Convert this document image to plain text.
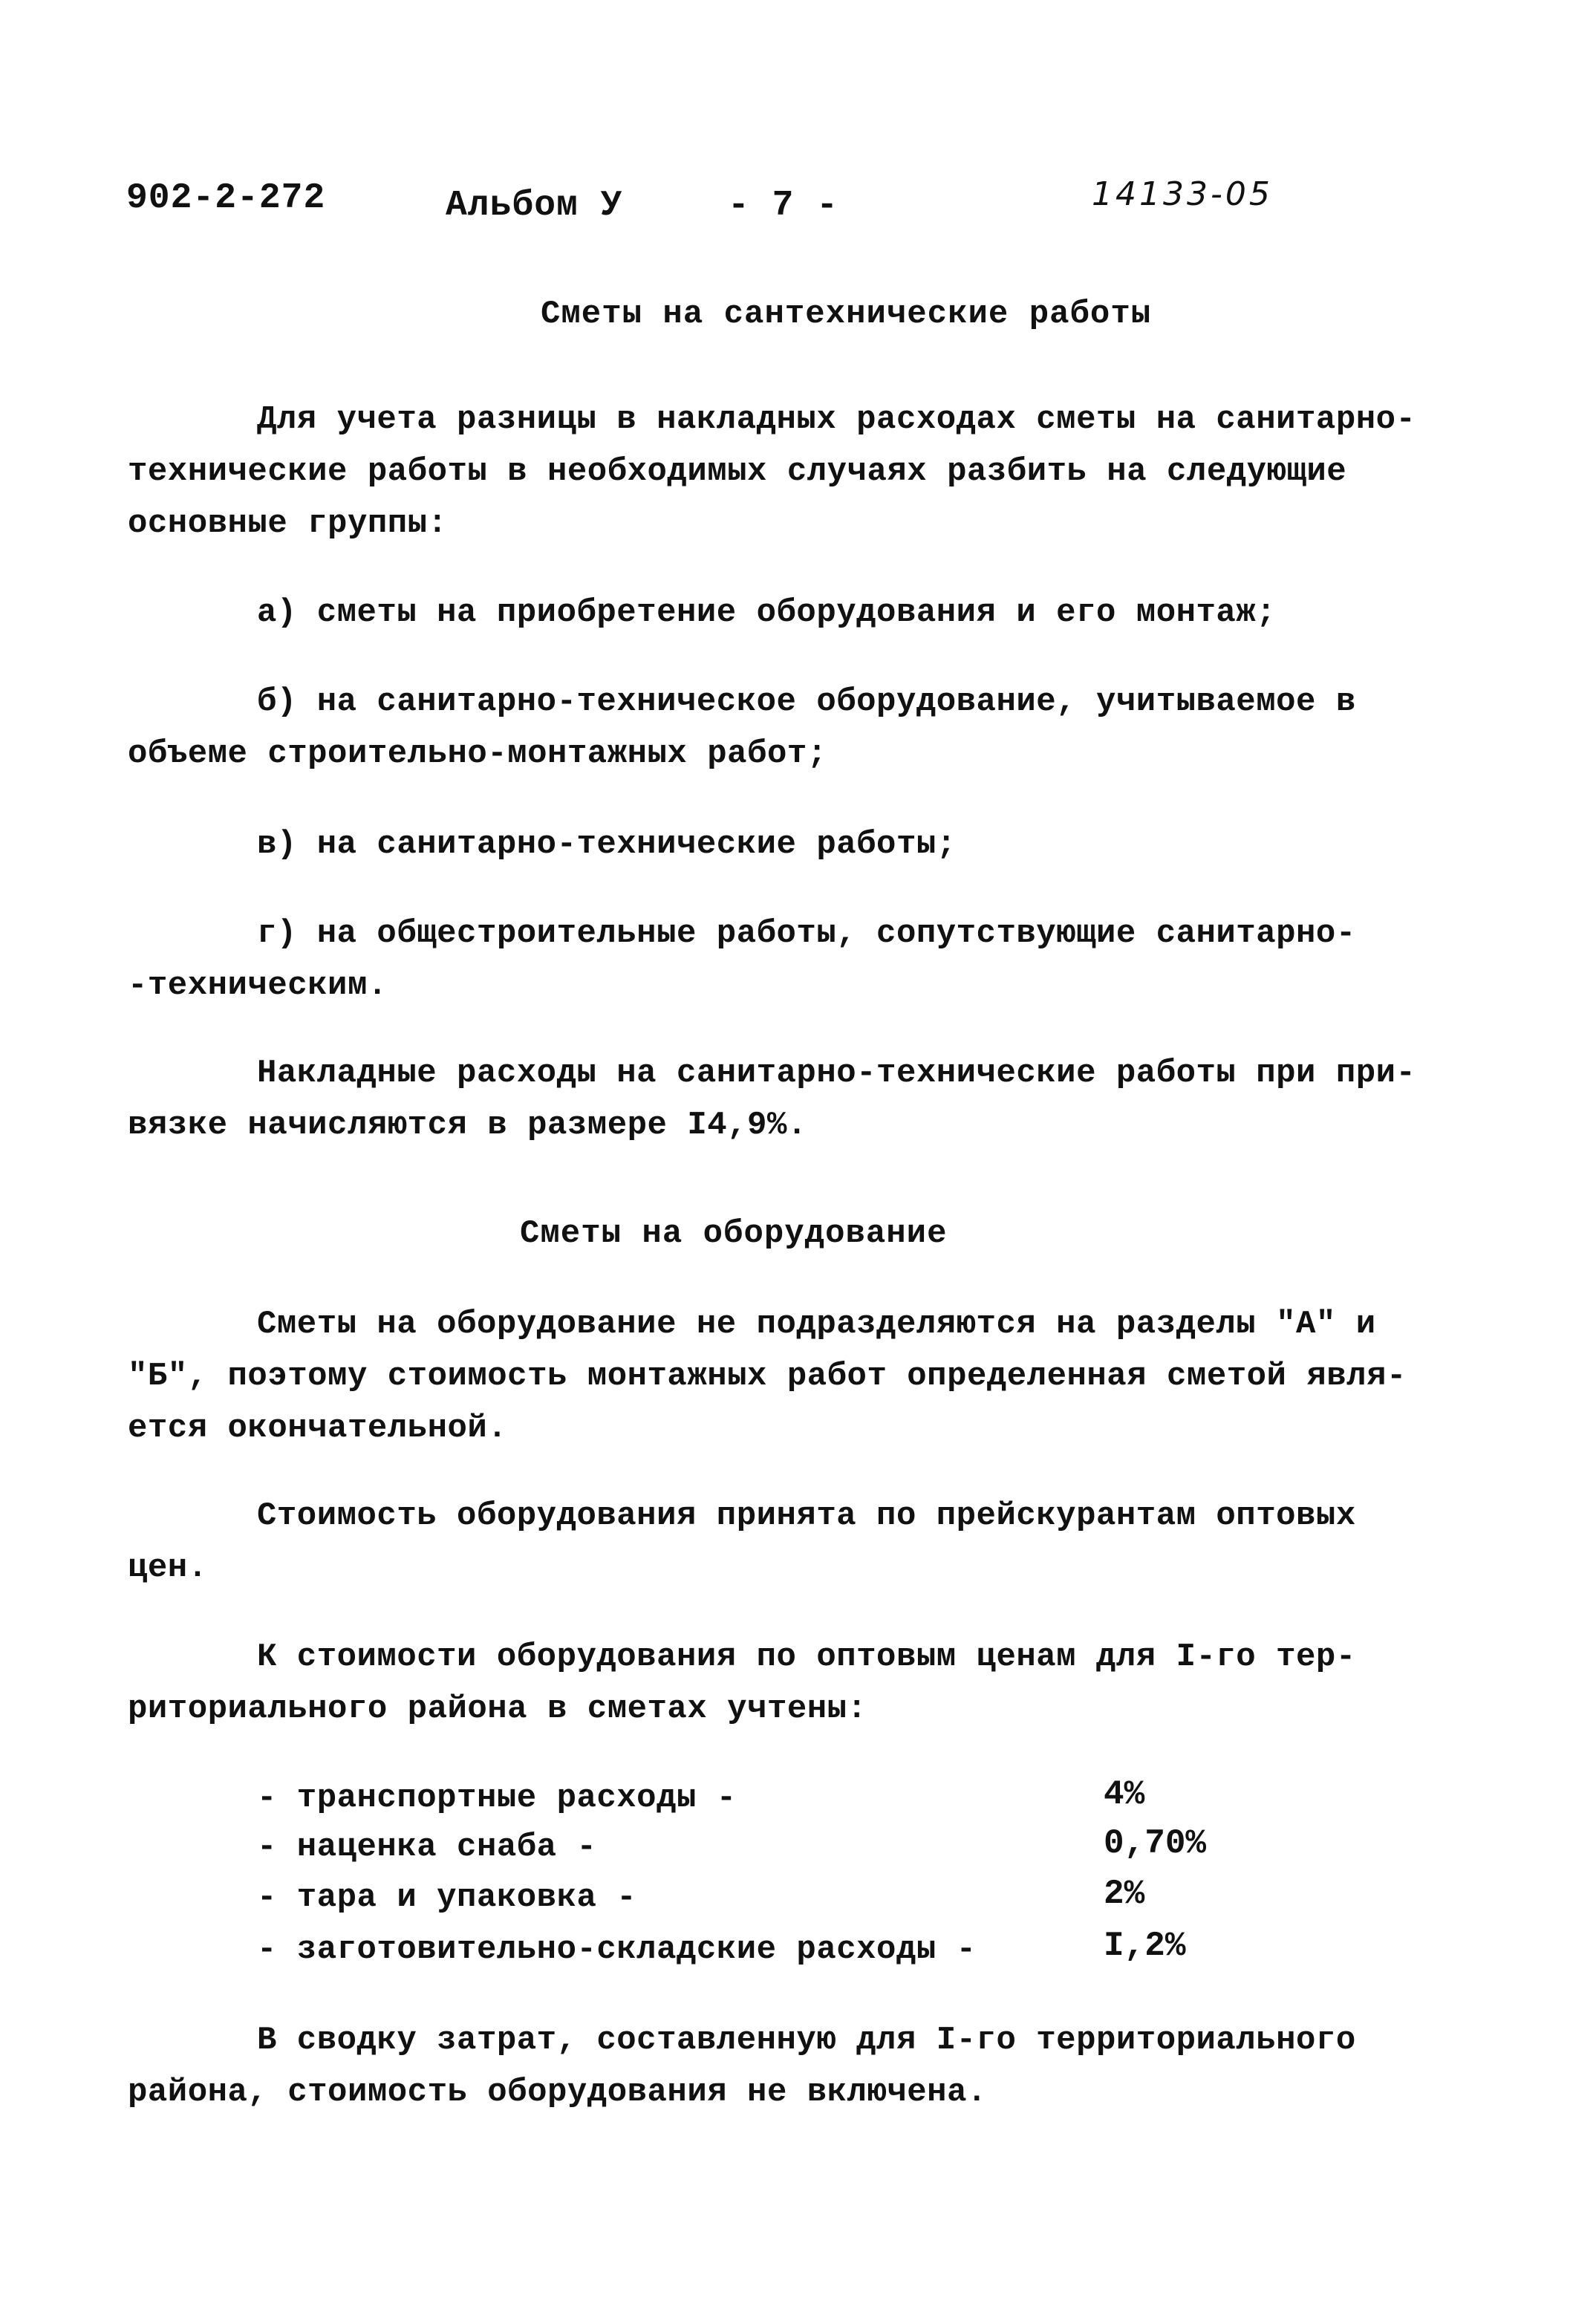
902-2-272	Альбом У	- 7 -	14133-05
Сметы на сантехнические работы
Для учета разницы в накладных расходах сметы на санитарно-
технические работы в необходимых случаях разбить на следующие
основные группы:
а) сметы на приобретение оборудования и его монтаж;
б) на санитарно-техническое оборудование, учитываемое в
объеме строительно-монтажных работ;
в) на санитарно-технические работы;
г) на общестроительные работы, сопутствующие санитарно-
-техническим.
Накладные расходы на санитарно-технические работы при при-
вязке начисляются в размере I4,9%.
Сметы на оборудование
Сметы на оборудование не подразделяются на разделы "А" и
"Б", поэтому стоимость монтажных работ определенная сметой явля-
ется окончательной.
Стоимость оборудования принята по прейскурантам оптовых
цен.
К стоимости оборудования по оптовым ценам для I-го тер-
риториального района в сметах учтены:
- транспортные расходы -	4%
- наценка снаба -	0,70%
- тара и упаковка -	2%
- заготовительно-складские расходы -	I,2%
В сводку затрат, составленную для I-го территориального
района, стоимость оборудования не включена.
